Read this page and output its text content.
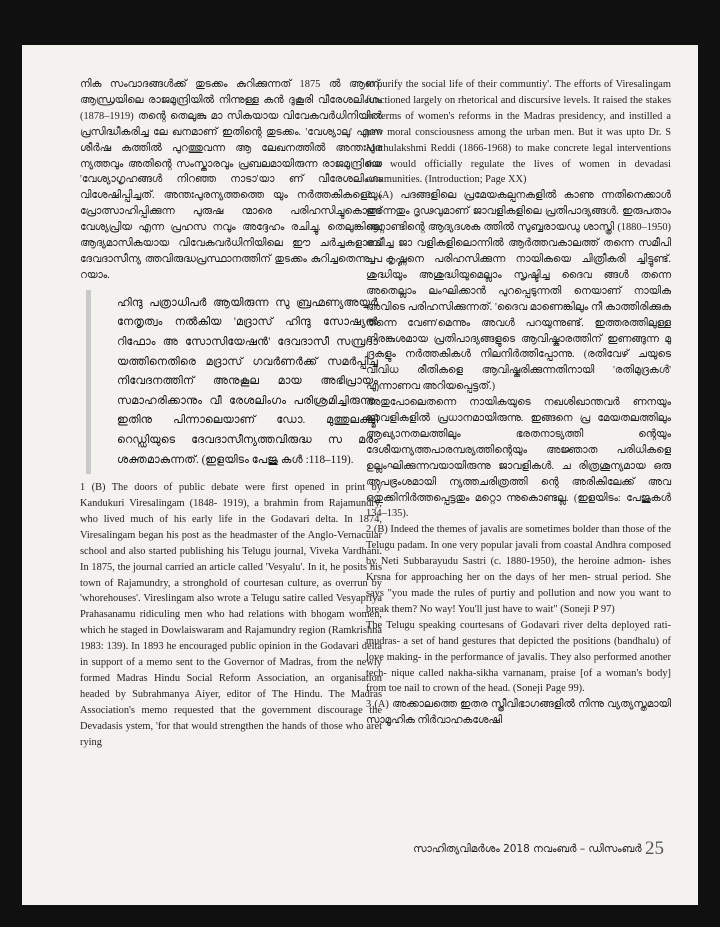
നിക സംവാദങ്ങൾക്ക് തുടക്കം കുറിക്കുന്നത് 1875 ൽ ആണ്. ആന്ധ്രയിലെ രാജമുന്ദ്രിയിൽ നിന്നുള്ള കൻ ദുകൂരി വീരേശലിംഗം (1878–1919) തന്റെ തെലുങ്കു മാ സികയായ വിവേകവർധിനിയിൽ പ്രസിദ്ധീകരിച്ച ലേ ഖനമാണ് ഇതിന്റെ തുടക്കം. 'വേശ്യാലു' എന്ന ശീർഷ കത്തിൽ പുറത്തുവന്ന ആ ലേഖനത്തിൽ അന്തഃപുര ന്യത്തവും അതിന്റെ സംസ്കാരവും പ്രബലമായിരുന്ന രാജമുന്ദ്രിയെ 'വേശ്യാഗൃഹങ്ങൾ നിറഞ്ഞ നാടാ'യാ ണ് വീരേശലിംഗം വിശേഷിപ്പിച്ചത്. അന്തഃപുരന്യത്തത്തെ യും നർത്തകികളെയും പ്രോത്സാഹിപ്പിക്കുന്ന പുരുഷ ന്മാരെ പരിഹസിച്ചുകൊണ്ട് വേശ്യപ്രിയ എന്ന പ്രഹസ നവും അദ്ദേഹം രചിച്ചു. തെലുങ്കിലെ ആദ്യമാസികയായ വിവേകവർധിനിയിലെ ഈ ചർച്ചകളാണ് ദേവദാസീന്യ ത്തവിരുദ്ധപ്രസ്ഥാനത്തിന് തുടക്കം കുറിച്ചതെന്നു പ റയാം.

ഹിന്ദു പത്രാധിപർ ആയിരുന്ന സു ബ്രഹ്മണ്യഅയ്യർ നേതൃത്വം നൽകിയ 'മദ്രാസ് ഹിന്ദു സോഷ്യൽ റിഫോം അ സോസിയേഷൻ' ദേവദാസീ സമ്പ്രദാ യത്തിനെതിരെ മദ്രാസ് ഗവർണർക്ക് സമർപ്പിച്ച നിവേദനത്തിന് അനുകൂല മായ അഭിപ്രായം സമാഹരിക്കാനും വീ രേശലിംഗം പരിശ്രമിച്ചിരുന്നു. ഇതിനു പിന്നാലെയാണ് ഡോ. മുത്തുലക്ഷ്മി റെഡ്ഡിയുടെ ദേവദാസീന്യത്തവിരുദ്ധ സ മരം ശക്തമാകുന്നത്. (ഇളയിടം പേജു കൾ :118–119).

1 (B) The doors of public debate were first opened in print by Kandukuri Viresalingam (1848- 1919), a brahmin from Rajamundry, who lived much of his early life in the Godavari delta. In 1874, Viresalingam began his post as the headmaster of the Anglo-Vernacular school and also started publishing his Telugu journal, Viveka Vardhani. In 1875, the journal carried an article called 'Vesyalu'. In it, he posits his town of Rajamundry, a stronghold of courtesan culture, as overrun by 'whorehouses'. Vireslingam also wrote a Telugu satire called Vesyapriya Prahasanamu ridiculing men who had relations with bhogam women, which he staged in Dowlaiswaram and Rajamundry region (Ramkrishna 1983: 139). In 1893 he encouraged public opinion in the Godavari delta in support of a memo sent to the Governor of Madras, from the newly formed Madras Hindu Social Reform Association, an organisation headed by Subrahmanya Aiyer, editor of The Hindu. The Madras Association's memo requested that the government discourage the Devadasis ystem, 'for that would strengthen the hands of those who aret rying

to purify the social life of their communtiy'. The efforts of Viresalingam functioned largely on rhetorical and discursive levels. It raised the stakes in terms of women's reforms in the Madras presidency, and instilled a new moral consciousness among the urban men. But it was upto Dr. S Muthulakshmi Reddi (1866-1968) to make concrete legal interventions that would officially regulate the lives of women in devadasi communities. (Introduction; Page XX)

2 (A) പദങ്ങളിലെ പ്രമേയകല്പനകളിൽ കാണു ന്നതിനെക്കാൾ തുറന്നതും ദൃഢവുമാണ് ജാവളികളിലെ പ്രതിപാദ്യങ്ങൾ. ഇരുപതാം നൂറ്റാണ്ടിന്റെ ആദ്യദശക ത്തിൽ സുബ്ബരായഡു ശാസ്ത്രി (1880–1950) രചിച്ച ജാ വളികളിലൊന്നിൽ ആർത്തവകാലത്ത് തന്നെ സമീപി ച്ച കൃഷ്ണനെ പരിഹസിക്കുന്ന നായികയെ ചിത്രീകരി ച്ചിട്ടുണ്ട്. ശുദ്ധിയും അശുദ്ധിയുമെല്ലാം സൃഷ്ടിച്ച ദൈവ ങ്ങൾ തന്നെ അതെല്ലാം ലംഘിക്കാൻ പുറപ്പെടുന്നതി നെയാണ് നായിക അവിടെ പരിഹസിക്കുന്നത്. 'ദൈവ മാണെങ്കിലും നീ കാത്തിരിക്കുക തന്നെ വേണ'മെന്നും അവൾ പറയുന്നുണ്ട്. ഇത്തരത്തിലുള്ള നിരങ്കുശമായ പ്രതിപാദ്യങ്ങളുടെ ആവിഷ്കാരത്തിന് ഇണങ്ങുന്ന മു ദ്രകളും നർത്തകികൾ നിലനിർത്തിപ്പോന്നു. (രതിവേഴ് ചയുടെ വിവിധ രീതികളെ ആവിഷ്കരിക്കുന്നതിനായി 'രതിമുദ്രകൾ' എന്നാണവ അറിയപ്പെട്ടത്.)

അതുപോലെതന്നെ നായികയുടെ നഖശിഖാന്തവർ ണനയും ജാവളികളിൽ പ്രധാനമായിരുന്നു. ഇങ്ങനെ പ്ര മേയതലത്തിലും ആഖ്യാനതലത്തിലും ഭരതനാട്യത്തി ന്റെയും ദേശീയന്യത്തപാരമ്പര്യത്തിന്റെയും അജ്ഞാത പരിധികളെ ഉല്ലംഘിക്കുന്നവയായിരുന്നു ജാവളികൾ. ച രിത്രശൂന്യമായ ഒരു അപഭ്രംശമായി ന്യത്തചരിത്രത്തി ന്റെ അരികിലേക്ക് അവ ഒതുക്കിനിർത്തപ്പെട്ടതും മറ്റൊ ന്നുകൊണ്ടല്ല. (ഇളയിടം: പേജുകൾ 134–135).

2 (B) Indeed the themes of javalis are sometimes bolder than those of the Telugu padam. In one very popular javali from coastal Andhra composed by Neti Subbarayudu Sastri (c. 1880-1950), the heroine admon- ishes Krsna for approaching her on the days of her men- strual period. She says "you made the rules of purtiy and pollution and now you want to break them? No way! You'll just have to wait" (Soneji P 97)

The Telugu speaking courtesans of Godavari river delta deployed rati-mudras- a set of hand gestures that depicted the positions (bandhalu) of love making- in the performance of javalis. They also performed another tech- nique called nakha-sikha varnanam, praise [of a woman's body] from toe nail to crown of the head. (Soneji Page 99).

3 (A) അക്കാലത്തെ ഇതര സ്ത്രീവിഭാഗങ്ങളിൽ നിന്നു വ്യത്യസ്തമായി സാമൂഹിക നിർവാഹകശേഷി

സാഹിത്യവിമർശം 2018 നവംബർ – ഡിസംബർ 25
